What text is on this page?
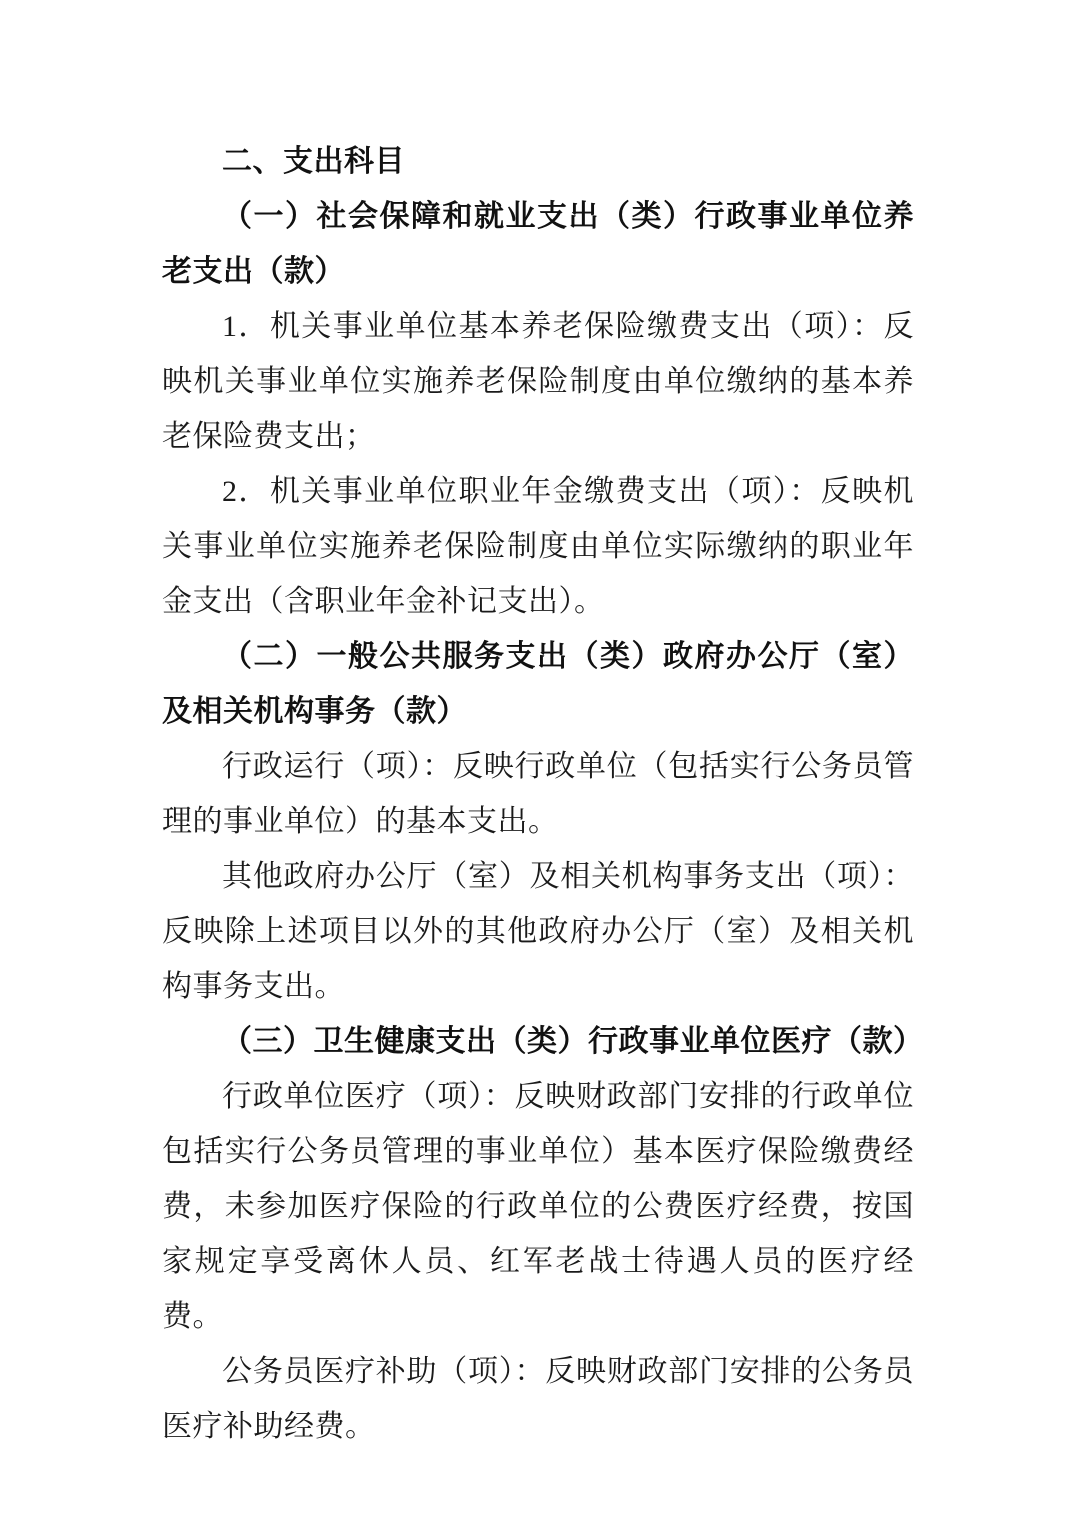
二、支出科目

（一）社会保障和就业支出（类）行政事业单位养老支出（款）

1．机关事业单位基本养老保险缴费支出（项）：反映机关事业单位实施养老保险制度由单位缴纳的基本养老保险费支出；

2．机关事业单位职业年金缴费支出（项）：反映机关事业单位实施养老保险制度由单位实际缴纳的职业年金支出（含职业年金补记支出）。

（二）一般公共服务支出（类）政府办公厅（室）及相关机构事务（款）

行政运行（项）：反映行政单位（包括实行公务员管理的事业单位）的基本支出。

其他政府办公厅（室）及相关机构事务支出（项）：反映除上述项目以外的其他政府办公厅（室）及相关机构事务支出。

（三）卫生健康支出（类）行政事业单位医疗（款）

行政单位医疗（项）：反映财政部门安排的行政单位包括实行公务员管理的事业单位）基本医疗保险缴费经费，未参加医疗保险的行政单位的公费医疗经费，按国家规定享受离休人员、红军老战士待遇人员的医疗经费。

公务员医疗补助（项）：反映财政部门安排的公务员医疗补助经费。
